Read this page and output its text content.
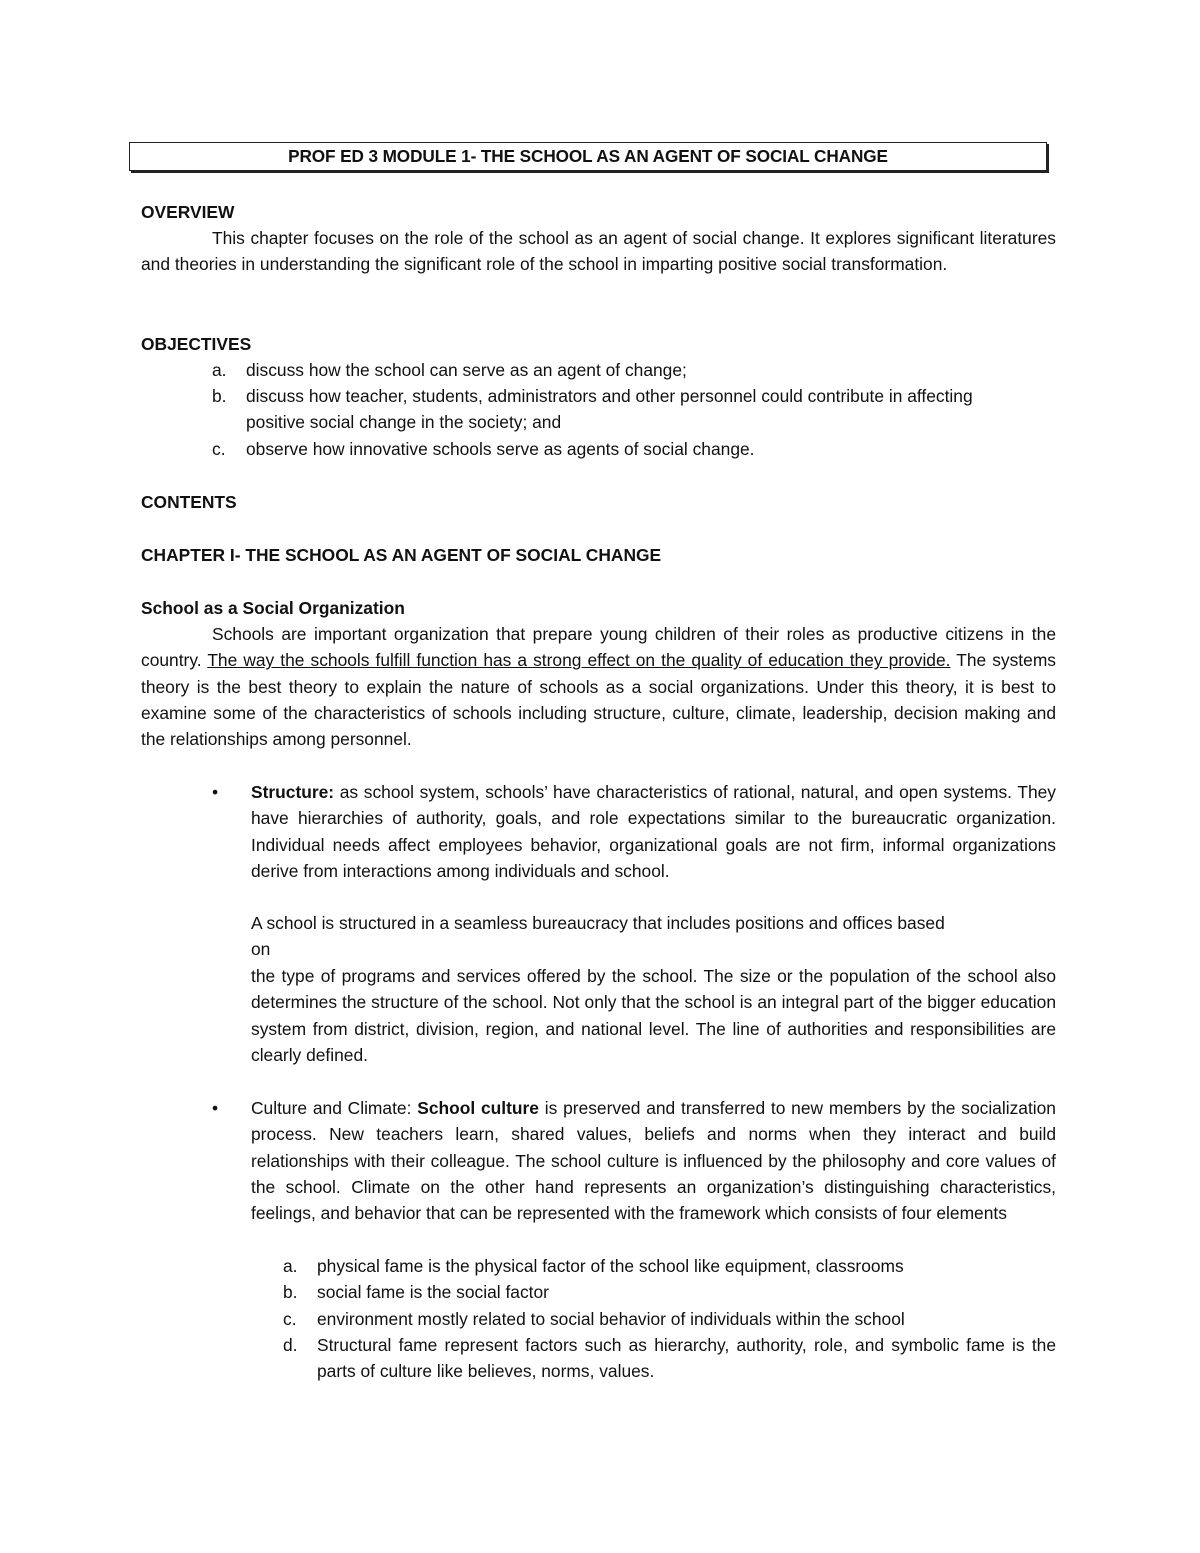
PROF ED 3 MODULE 1- THE SCHOOL AS AN AGENT OF SOCIAL CHANGE
OVERVIEW

This chapter focuses on the role of the school as an agent of social change. It explores significant literatures and theories in understanding the significant role of the school in imparting positive social transformation.

OBJECTIVES
a. discuss how the school can serve as an agent of change;
b. discuss how teacher, students, administrators and other personnel could contribute in affecting positive social change in the society; and
c. observe how innovative schools serve as agents of social change.
CONTENTS
CHAPTER I- THE SCHOOL AS AN AGENT OF SOCIAL CHANGE
School as a Social Organization

Schools are important organization that prepare young children of their roles as productive citizens in the country. The way the schools fulfill function has a strong effect on the quality of education they provide. The systems theory is the best theory to explain the nature of schools as a social organizations. Under this theory, it is best to examine some of the characteristics of schools including structure, culture, climate, leadership, decision making and the relationships among personnel.

• Structure: as school system, schools’ have characteristics of rational, natural, and open systems. They have hierarchies of authority, goals, and role expectations similar to the bureaucratic organization. Individual needs affect employees behavior, organizational goals are not firm, informal organizations derive from interactions among individuals and school.

A school is structured in a seamless bureaucracy that includes positions and offices based
on

the type of programs and services offered by the school. The size or the population of the school also determines the structure of the school. Not only that the school is an integral part of the bigger education system from district, division, region, and national level. The line of authorities and responsibilities are clearly defined.

• Culture and Climate: School culture is preserved and transferred to new members by the socialization process. New teachers learn, shared values, beliefs and norms when they interact and build relationships with their colleague. The school culture is influenced by the philosophy and core values of the school. Climate on the other hand represents an organization’s distinguishing characteristics, feelings, and behavior that can be represented with the framework which consists of four elements

a. physical fame is the physical factor of the school like equipment, classrooms
b. social fame is the social factor
c. environment mostly related to social behavior of individuals within the school
d. Structural fame represent factors such as hierarchy, authority, role, and symbolic fame is the parts of culture like believes, norms, values.
